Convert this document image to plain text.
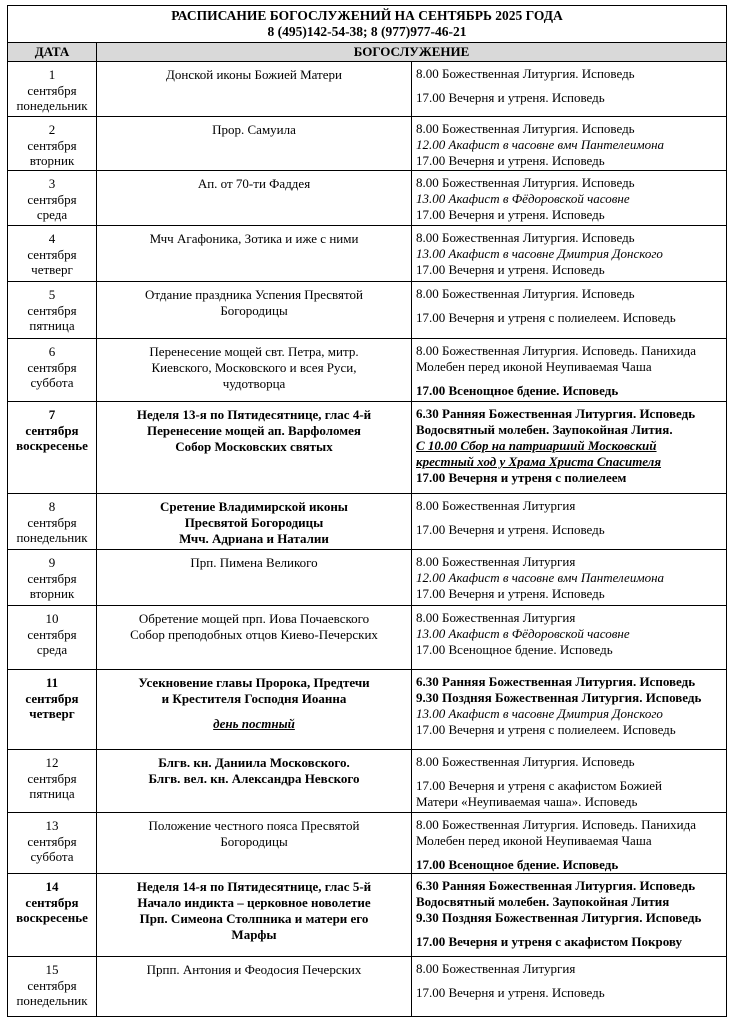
РАСПИСАНИЕ БОГОСЛУЖЕНИЙ НА СЕНТЯБРЬ 2025 ГОДА
8 (495)142-54-38; 8 (977)977-46-21
ДАТА	БОГОСЛУЖЕНИЕ	

1
сентября
понедельник	Донской иконы Божией Матери	8.00 Божественная Литургия. Исповедь
17.00 Вечерня и утреня. Исповедь

2
сентября
вторник	Прор. Самуила	8.00 Божественная Литургия. Исповедь
12.00 Акафист в часовне вмч Пантелеимона
17.00 Вечерня и утреня. Исповедь

3
сентября
среда	Ап. от 70-ти Фаддея	8.00 Божественная Литургия. Исповедь
13.00 Акафист в Фёдоровской часовне
17.00 Вечерня и утреня. Исповедь

4
сентября
четверг	Мчч Агафоника, Зотика и иже с ними	8.00 Божественная Литургия. Исповедь
13.00 Акафист в часовне Дмитрия Донского
17.00 Вечерня и утреня. Исповедь

5
сентября
пятница	Отдание праздника Успения Пресвятой
Богородицы	8.00 Божественная Литургия. Исповедь
17.00 Вечерня и утреня с полиелеем. Исповедь

6
сентября
суббота	Перенесение мощей свт. Петра, митр.
Киевского, Московского и всея Руси,
чудотворца	8.00 Божественная Литургия. Исповедь. Панихида
Молебен перед иконой Неупиваемая Чаша
17.00 Всенощное бдение. Исповедь

7
сентября
воскресенье	Неделя 13-я по Пятидесятнице, глас 4-й
Перенесение мощей ап. Варфоломея
Собор Московских святых	6.30 Ранняя Божественная Литургия. Исповедь
Водосвятный молебен. Заупокойная Лития.
С 10.00 Сбор на патриарший Московский
крестный ход у Храма Христа Спасителя
17.00 Вечерня и утреня с полиелеем

8
сентября
понедельник	Сретение Владимирской иконы
Пресвятой Богородицы
Мчч. Адриана и Наталии	8.00 Божественная Литургия
17.00 Вечерня и утреня. Исповедь

9
сентября
вторник	Прп. Пимена Великого	8.00 Божественная Литургия
12.00 Акафист в часовне вмч Пантелеимона
17.00 Вечерня и утреня. Исповедь

10
сентября
среда	Обретение мощей прп. Иова Почаевского
Собор преподобных отцов Киево-Печерских	8.00 Божественная Литургия
13.00 Акафист в Фёдоровской часовне
17.00 Всенощное бдение. Исповедь

11
сентября
четверг	Усекновение главы Пророка, Предтечи
и Крестителя Господня Иоанна
день постный	6.30 Ранняя Божественная Литургия. Исповедь
9.30 Поздняя Божественная Литургия. Исповедь
13.00 Акафист в часовне Дмитрия Донского
17.00 Вечерня и утреня с полиелеем. Исповедь

12
сентября
пятница	Блгв. кн. Даниила Московского.
Блгв. вел. кн. Александра Невского	8.00 Божественная Литургия. Исповедь
17.00 Вечерня и утреня с акафистом Божией
Матери «Неупиваемая чаша». Исповедь

13
сентября
суббота	Положение честного пояса Пресвятой
Богородицы	8.00 Божественная Литургия. Исповедь. Панихида
Молебен перед иконой Неупиваемая Чаша
17.00 Всенощное бдение. Исповедь

14
сентября
воскресенье	Неделя 14-я по Пятидесятнице, глас 5-й
Начало индикта – церковное новолетие
Прп. Симеона Столпника и матери его
Марфы	6.30 Ранняя Божественная Литургия. Исповедь
Водосвятный молебен. Заупокойная Лития
9.30 Поздняя Божественная Литургия. Исповедь
17.00 Вечерня и утреня с акафистом Покрову

15
сентября
понедельник	Прпп. Антония и Феодосия Печерских	8.00 Божественная Литургия
17.00 Вечерня и утреня. Исповедь
